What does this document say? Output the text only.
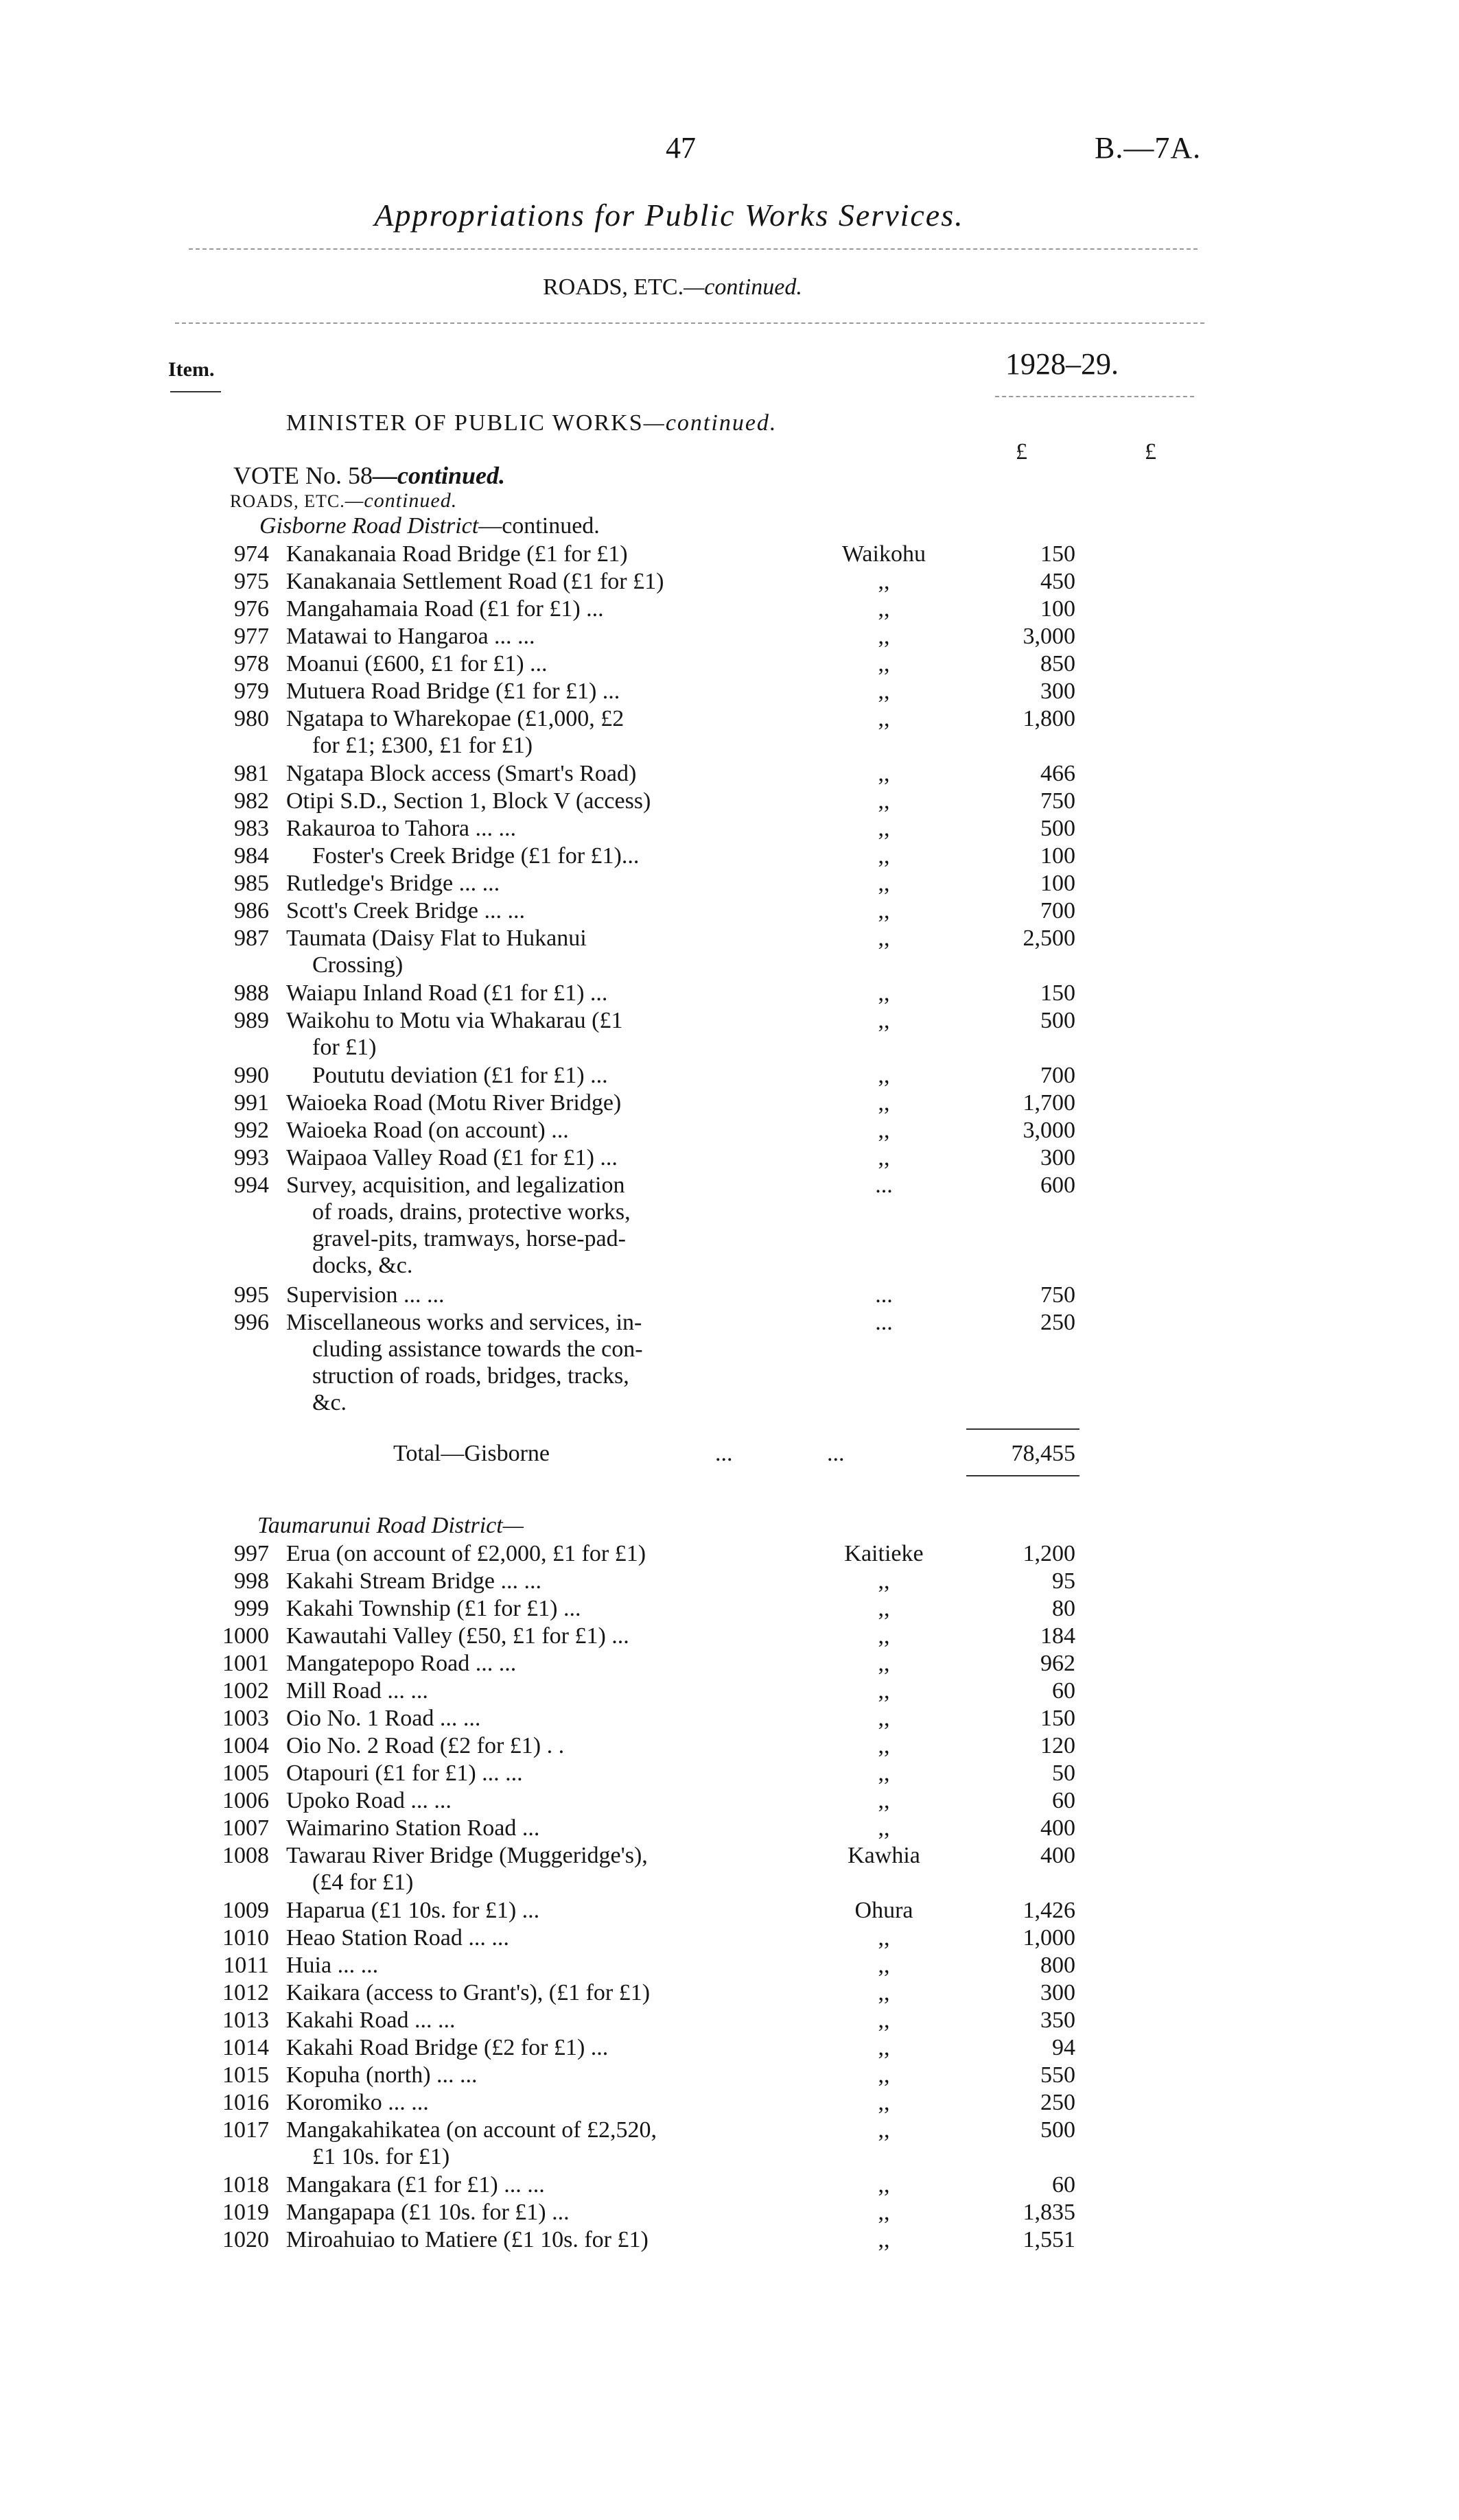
47	B.—7A.
Appropriations for Public Works Services.
ROADS, ETC.—continued.
Item.	1928–29.
MINISTER OF PUBLIC WORKS—continued.
£	£
VOTE No. 58—continued.
ROADS, ETC.—continued.
Gisborne Road District—continued.
974 Kanakanaia Road Bridge (£1 for £1)	Waikohu	150
975 Kanakanaia Settlement Road (£1 for £1)	,,	450
976 Mangahamaia Road (£1 for £1) ...	,,	100
977 Matawai to Hangaroa ... ...	,,	3,000
978 Moanui (£600, £1 for £1) ...	,,	850
979 Mutuera Road Bridge (£1 for £1) ...	,,	300
980 Ngatapa to Wharekopae (£1,000, £2
for £1; £300, £1 for £1)
,,	1,800
981 Ngatapa Block access (Smart's Road)	,,	466
982 Otipi S.D., Section 1, Block V (access)	,,	750
983 Rakauroa to Tahora ... ...	,,	500
984 Foster's Creek Bridge (£1 for £1)...	,,	100
985 Rutledge's Bridge ... ...	,,	100
986 Scott's Creek Bridge ... ...	,,	700
987 Taumata (Daisy Flat to Hukanui
Crossing)
,,	2,500
988 Waiapu Inland Road (£1 for £1) ...	,,	150
989 Waikohu to Motu via Whakarau (£1
for £1)
,,	500
990 Poututu deviation (£1 for £1) ...	,,	700
991 Waioeka Road (Motu River Bridge)	,,	1,700
992 Waioeka Road (on account) ...	,,	3,000
993 Waipaoa Valley Road (£1 for £1) ...	,,	300
994 Survey, acquisition, and legalization
of roads, drains, protective works,
gravel-pits, tramways, horse-pad-
docks, &c.
...	600
995 Supervision ... ...	...	750
996 Miscellaneous works and services, in-
cluding assistance towards the con-
struction of roads, bridges, tracks,
&c.
...	250
Total—Gisborne	...	...	78,455
Taumarunui Road District—
997 Erua (on account of £2,000, £1 for £1)	Kaitieke	1,200
998 Kakahi Stream Bridge ... ...	,,	95
999 Kakahi Township (£1 for £1) ...	,,	80
1000 Kawautahi Valley (£50, £1 for £1) ...	,,	184
1001 Mangatepopo Road ... ...	,,	962
1002 Mill Road ... ...	,,	60
1003 Oio No. 1 Road ... ...	,,	150
1004 Oio No. 2 Road (£2 for £1) . .	,,	120
1005 Otapouri (£1 for £1) ... ...	,,	50
1006 Upoko Road ... ...	,,	60
1007 Waimarino Station Road ...	,,	400
1008 Tawarau River Bridge (Muggeridge's),
(£4 for £1)
Kawhia	400
1009 Haparua (£1 10s. for £1) ...	Ohura	1,426
1010 Heao Station Road ... ...	,,	1,000
1011 Huia ... ...	,,	800
1012 Kaikara (access to Grant's), (£1 for £1)	,,	300
1013 Kakahi Road ... ...	,,	350
1014 Kakahi Road Bridge (£2 for £1) ...	,,	94
1015 Kopuha (north) ... ...	,,	550
1016 Koromiko ... ...	,,	250
1017 Mangakahikatea (on account of £2,520,
£1 10s. for £1)
,,	500
1018 Mangakara (£1 for £1) ... ...	,,	60
1019 Mangapapa (£1 10s. for £1) ...	,,	1,835
1020 Miroahuiao to Matiere (£1 10s. for £1)	,,	1,551
